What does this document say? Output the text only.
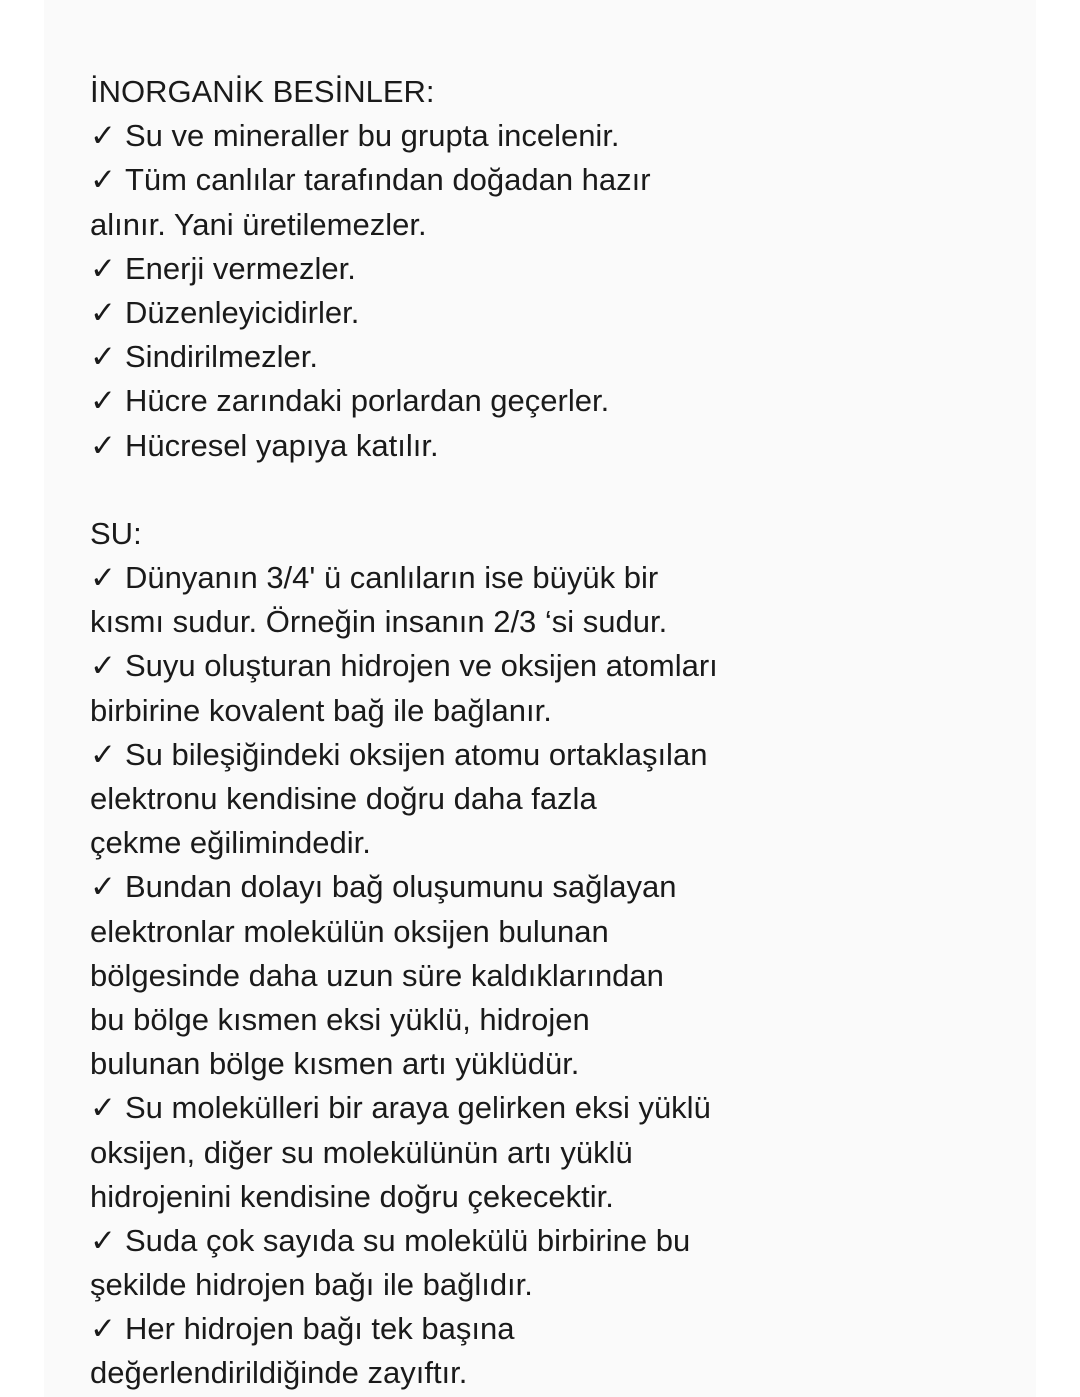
İNORGANİK BESİNLER:
✓ Su ve mineraller bu grupta incelenir.
✓ Tüm canlılar tarafından doğadan hazır
alınır. Yani üretilemezler.
✓ Enerji vermezler.
✓ Düzenleyicidirler.
✓ Sindirilmezler.
✓ Hücre zarındaki porlardan geçerler.
✓ Hücresel yapıya katılır.
SU:
✓ Dünyanın 3/4' ü canlıların ise büyük bir
kısmı sudur. Örneğin insanın 2/3 ‘si sudur.
✓ Suyu oluşturan hidrojen ve oksijen atomları
birbirine kovalent bağ ile bağlanır.
✓ Su bileşiğindeki oksijen atomu ortaklaşılan
elektronu kendisine doğru daha fazla
çekme eğilimindedir.
✓ Bundan dolayı bağ oluşumunu sağlayan
elektronlar molekülün oksijen bulunan
bölgesinde daha uzun süre kaldıklarından
bu bölge kısmen eksi yüklü, hidrojen
bulunan bölge kısmen artı yüklüdür.
✓ Su molekülleri bir araya gelirken eksi yüklü
oksijen, diğer su molekülünün artı yüklü
hidrojenini kendisine doğru çekecektir.
✓ Suda çok sayıda su molekülü birbirine bu
şekilde hidrojen bağı ile bağlıdır.
✓ Her hidrojen bağı tek başına
değerlendirildiğinde zayıftır.
